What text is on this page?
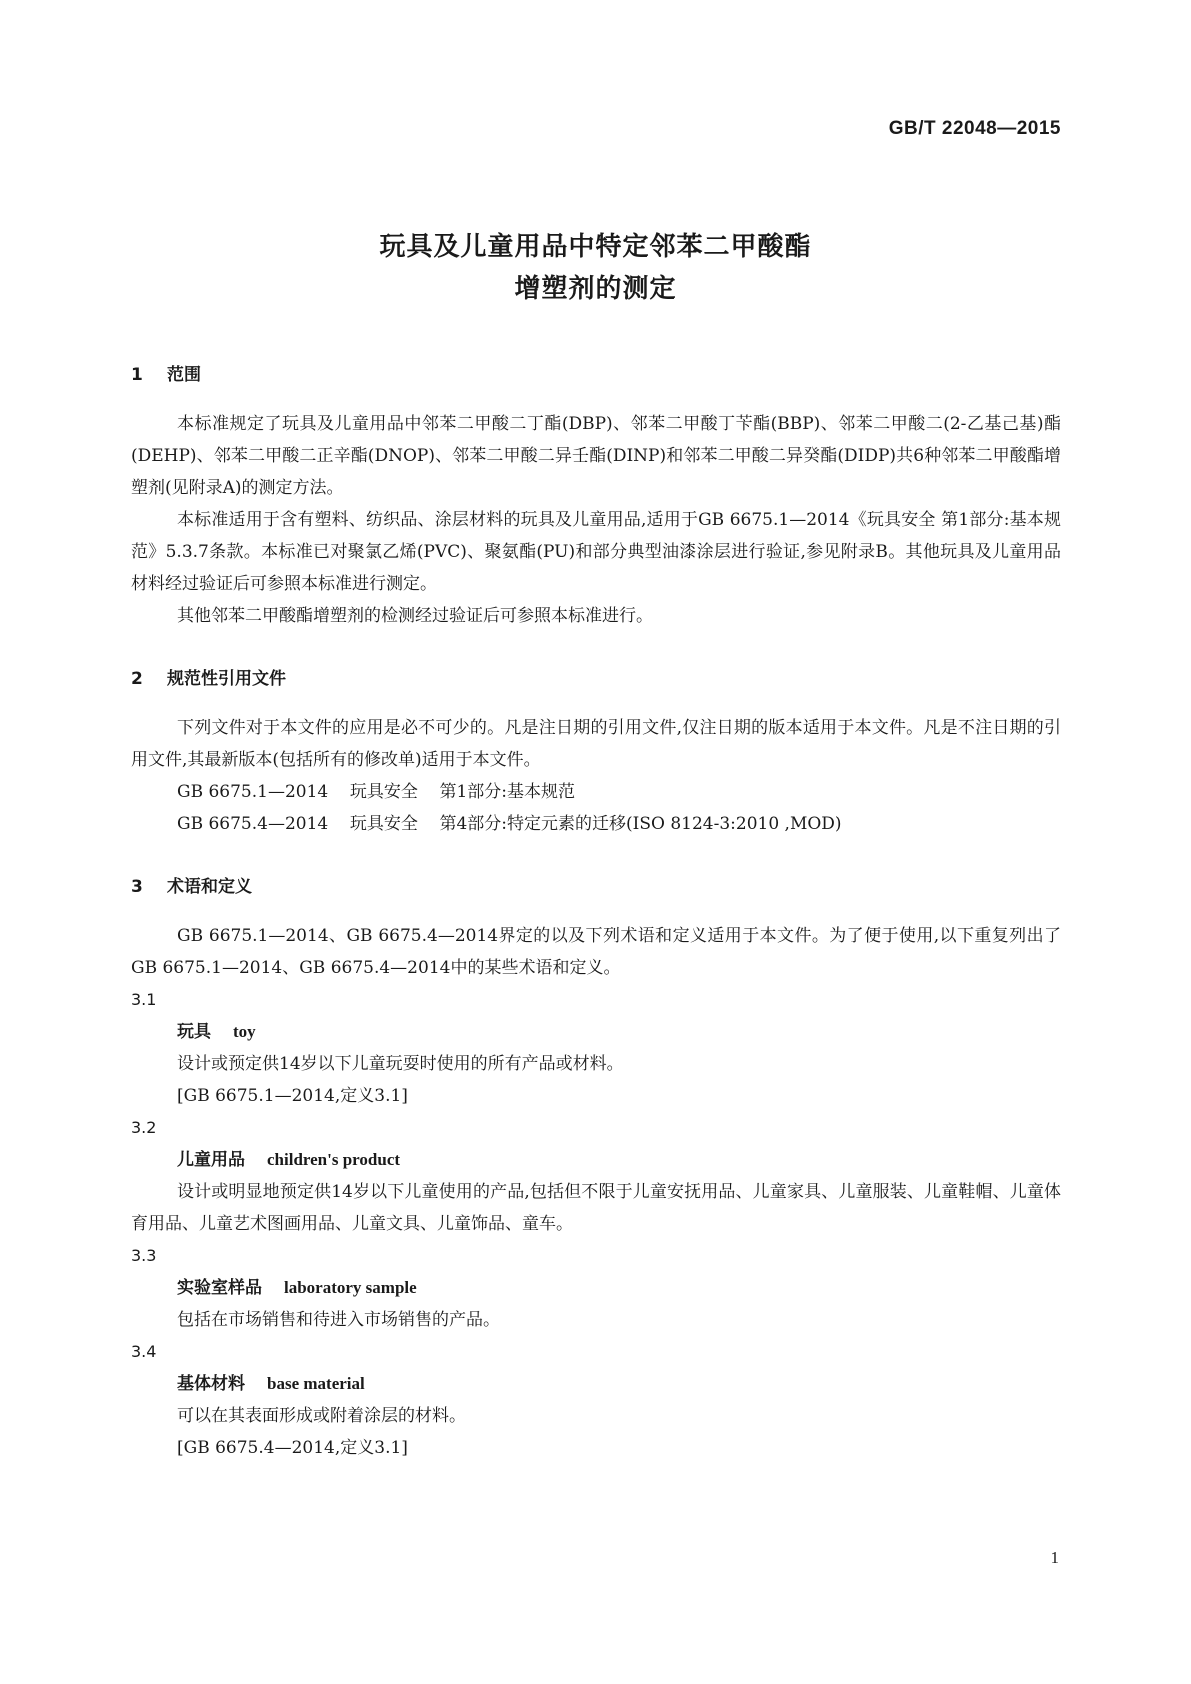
GB/T 22048—2015
玩具及儿童用品中特定邻苯二甲酸酯
增塑剂的测定
1 范围

本标准规定了玩具及儿童用品中邻苯二甲酸二丁酯(DBP)、邻苯二甲酸丁苄酯(BBP)、邻苯二甲酸二(2-乙基己基)酯(DEHP)、邻苯二甲酸二正辛酯(DNOP)、邻苯二甲酸二异壬酯(DINP)和邻苯二甲酸二异癸酯(DIDP)共6种邻苯二甲酸酯增塑剂(见附录A)的测定方法。

本标准适用于含有塑料、纺织品、涂层材料的玩具及儿童用品,适用于GB 6675.1—2014《玩具安全 第1部分:基本规范》5.3.7条款。本标准已对聚氯乙烯(PVC)、聚氨酯(PU)和部分典型油漆涂层进行验证,参见附录B。其他玩具及儿童用品材料经过验证后可参照本标准进行测定。

其他邻苯二甲酸酯增塑剂的检测经过验证后可参照本标准进行。

2 规范性引用文件

下列文件对于本文件的应用是必不可少的。凡是注日期的引用文件,仅注日期的版本适用于本文件。凡是不注日期的引用文件,其最新版本(包括所有的修改单)适用于本文件。

GB 6675.1—2014    玩具安全    第1部分:基本规范
GB 6675.4—2014    玩具安全    第4部分:特定元素的迁移(ISO 8124-3:2010 ,MOD)
3 术语和定义

GB 6675.1—2014、GB 6675.4—2014界定的以及下列术语和定义适用于本文件。为了便于使用,以下重复列出了GB 6675.1—2014、GB 6675.4—2014中的某些术语和定义。

3.1
玩具 toy
设计或预定供14岁以下儿童玩耍时使用的所有产品或材料。
[GB 6675.1—2014,定义3.1]
3.2
儿童用品 children's product

设计或明显地预定供14岁以下儿童使用的产品,包括但不限于儿童安抚用品、儿童家具、儿童服装、儿童鞋帽、儿童体育用品、儿童艺术图画用品、儿童文具、儿童饰品、童车。

3.3
实验室样品 laboratory sample
包括在市场销售和待进入市场销售的产品。
3.4
基体材料 base material
可以在其表面形成或附着涂层的材料。
[GB 6675.4—2014,定义3.1]
1
